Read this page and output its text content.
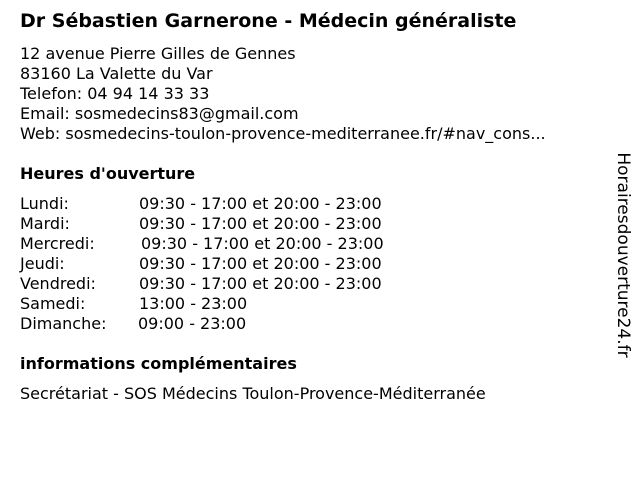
Dr Sébastien Garnerone - Médecin généraliste
12 avenue Pierre Gilles de Gennes
83160 La Valette du Var
Telefon: 04 94 14 33 33
Email: sosmedecins83@gmail.com
Web: sosmedecins-toulon-provence-mediterranee.fr/#nav_cons...
Heures d'ouverture
Lundi:	09:30 - 17:00 et 20:00 - 23:00
Mardi:	09:30 - 17:00 et 20:00 - 23:00
Mercredi:	09:30 - 17:00 et 20:00 - 23:00
Jeudi:	09:30 - 17:00 et 20:00 - 23:00
Vendredi:	09:30 - 17:00 et 20:00 - 23:00
Samedi:	13:00 - 23:00
Dimanche: 09:00 - 23:00
informations complémentaires
Secrétariat - SOS Médecins Toulon-Provence-Méditerranée
Horairesdouverture24.fr
